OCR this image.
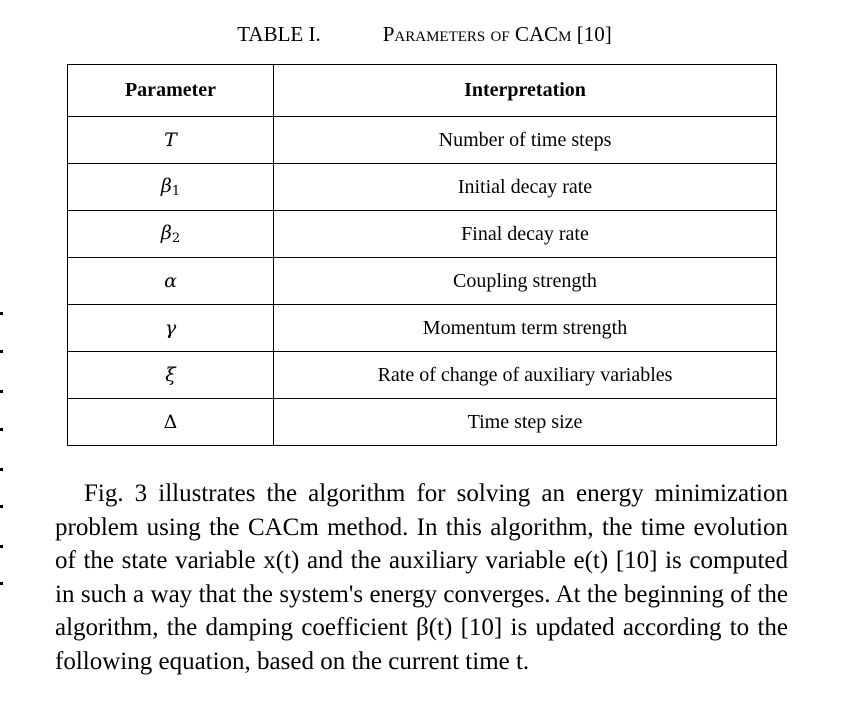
TABLE I.	Parameters of CACm [10]
Parameter	Interpretation
T	Number of time steps
$\beta_1$	Initial decay rate
$\beta_2$	Final decay rate
α	Coupling strength
γ	Momentum term strength
ξ	Rate of change of auxiliary variables
Δ	Time step size

Fig. 3 illustrates the algorithm for solving an energy minimization problem using the CACm method. In this algorithm, the time evolution of the state variable x(t) and the auxiliary variable e(t) [10] is computed in such a way that the system's energy converges. At the beginning of the algorithm, the damping coefficient β(t) [10] is updated according to the following equation, based on the current time t.
